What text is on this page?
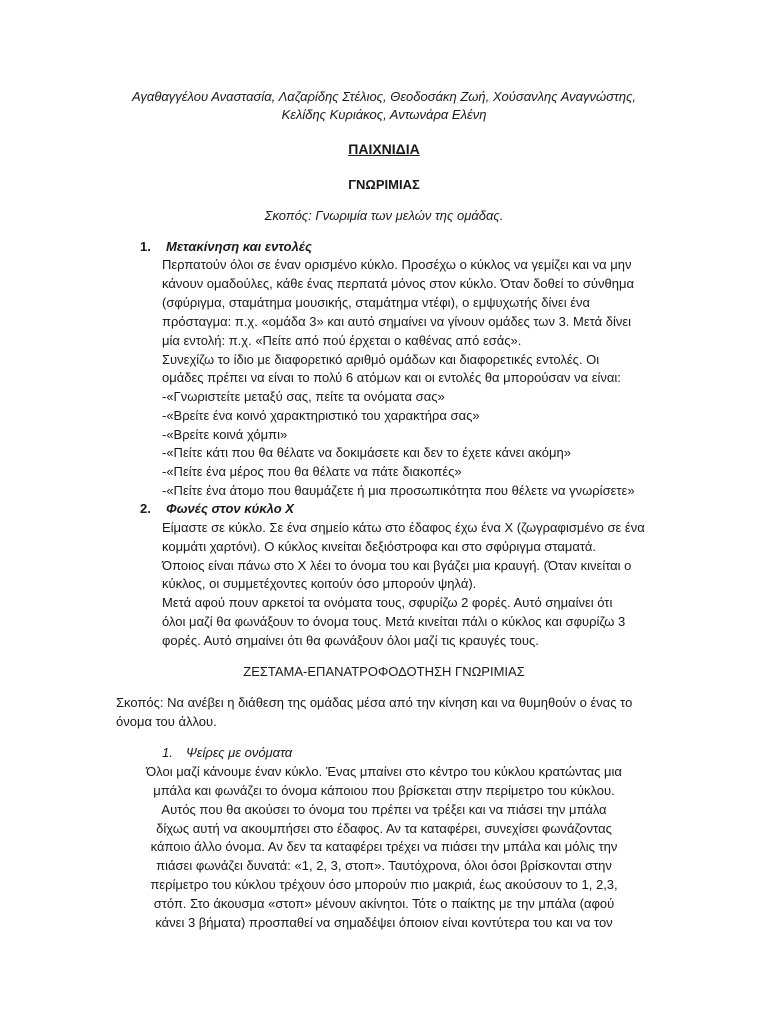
Αγαθαγγέλου Αναστασία, Λαζαρίδης Στέλιος, Θεοδοσάκη Ζωή, Χούσανλης Αναγνώστης,
Κελίδης Κυριάκος, Αντωνάρα Ελένη
ΠΑΙΧΝΙΔΙΑ
ΓΝΩΡΙΜΙΑΣ
Σκοπός: Γνωριμία των μελών της ομάδας.
1. Μετακίνηση και εντολές
Περπατούν όλοι σε έναν ορισμένο κύκλο. Προσέχω ο κύκλος να γεμίζει και να μην
κάνουν ομαδούλες, κάθε ένας περπατά μόνος στον κύκλο. Όταν δοθεί το σύνθημα
(σφύριγμα, σταμάτημα μουσικής, σταμάτημα ντέφι), ο εμψυχωτής δίνει ένα
πρόσταγμα: π.χ. «ομάδα 3» και αυτό σημαίνει να γίνουν ομάδες των 3. Μετά δίνει
μία εντολή: π.χ. «Πείτε από πού έρχεται ο καθένας από εσάς».
Συνεχίζω το ίδιο με διαφορετικό αριθμό ομάδων και διαφορετικές εντολές. Οι
ομάδες πρέπει να είναι το πολύ 6 ατόμων και οι εντολές θα μπορούσαν να είναι:
-«Γνωριστείτε μεταξύ σας, πείτε τα ονόματα σας»
-«Βρείτε ένα κοινό χαρακτηριστικό του χαρακτήρα σας»
-«Βρείτε κοινά χόμπι»
-«Πείτε κάτι που θα θέλατε να δοκιμάσετε και δεν το έχετε κάνει ακόμη»
-«Πείτε ένα μέρος που θα θέλατε να πάτε διακοπές»
-«Πείτε ένα άτομο που θαυμάζετε ή μια προσωπικότητα που θέλετε να γνωρίσετε»
2. Φωνές στον κύκλο Χ
Είμαστε σε κύκλο. Σε ένα σημείο κάτω στο έδαφος έχω ένα Χ (ζωγραφισμένο σε ένα
κομμάτι χαρτόνι). Ο κύκλος κινείται δεξιόστροφα και στο σφύριγμα σταματά.
Όποιος είναι πάνω στο Χ λέει το όνομα του και βγάζει μια κραυγή. (Όταν κινείται ο
κύκλος, οι συμμετέχοντες κοιτούν όσο μπορούν ψηλά).
Μετά αφού πουν αρκετοί τα ονόματα τους, σφυρίζω 2 φορές. Αυτό σημαίνει ότι
όλοι μαζί θα φωνάξουν το όνομα τους. Μετά κινείται πάλι ο κύκλος και σφυρίζω 3
φορές. Αυτό σημαίνει ότι θα φωνάξουν όλοι μαζί τις κραυγές τους.
ΖΕΣΤΑΜΑ-ΕΠΑΝΑΤΡΟΦΟΔΟΤΗΣΗ ΓΝΩΡΙΜΙΑΣ
Σκοπός: Να ανέβει η διάθεση της ομάδας μέσα από την κίνηση και να θυμηθούν ο ένας το
όνομα του άλλου.
1. Ψείρες με ονόματα
Όλοι μαζί κάνουμε έναν κύκλο. Ένας μπαίνει στο κέντρο του κύκλου κρατώντας μια
μπάλα και φωνάζει το όνομα κάποιου που βρίσκεται στην περίμετρο του κύκλου.
Αυτός που θα ακούσει το όνομα του πρέπει να τρέξει και να πιάσει την μπάλα
δίχως αυτή να ακουμπήσει στο έδαφος. Αν τα καταφέρει, συνεχίσει φωνάζοντας
κάποιο άλλο όνομα. Αν δεν τα καταφέρει τρέχει να πιάσει την μπάλα και μόλις την
πιάσει φωνάζει δυνατά: «1, 2, 3, στοπ». Ταυτόχρονα, όλοι όσοι βρίσκονται στην
περίμετρο του κύκλου τρέχουν όσο μπορούν πιο μακριά, έως ακούσουν το 1, 2,3,
στόπ. Στο άκουσμα «στοπ» μένουν ακίνητοι. Τότε ο παίκτης με την μπάλα (αφού
κάνει 3 βήματα) προσπαθεί να σημαδέψει όποιον είναι κοντύτερα του και να τον
